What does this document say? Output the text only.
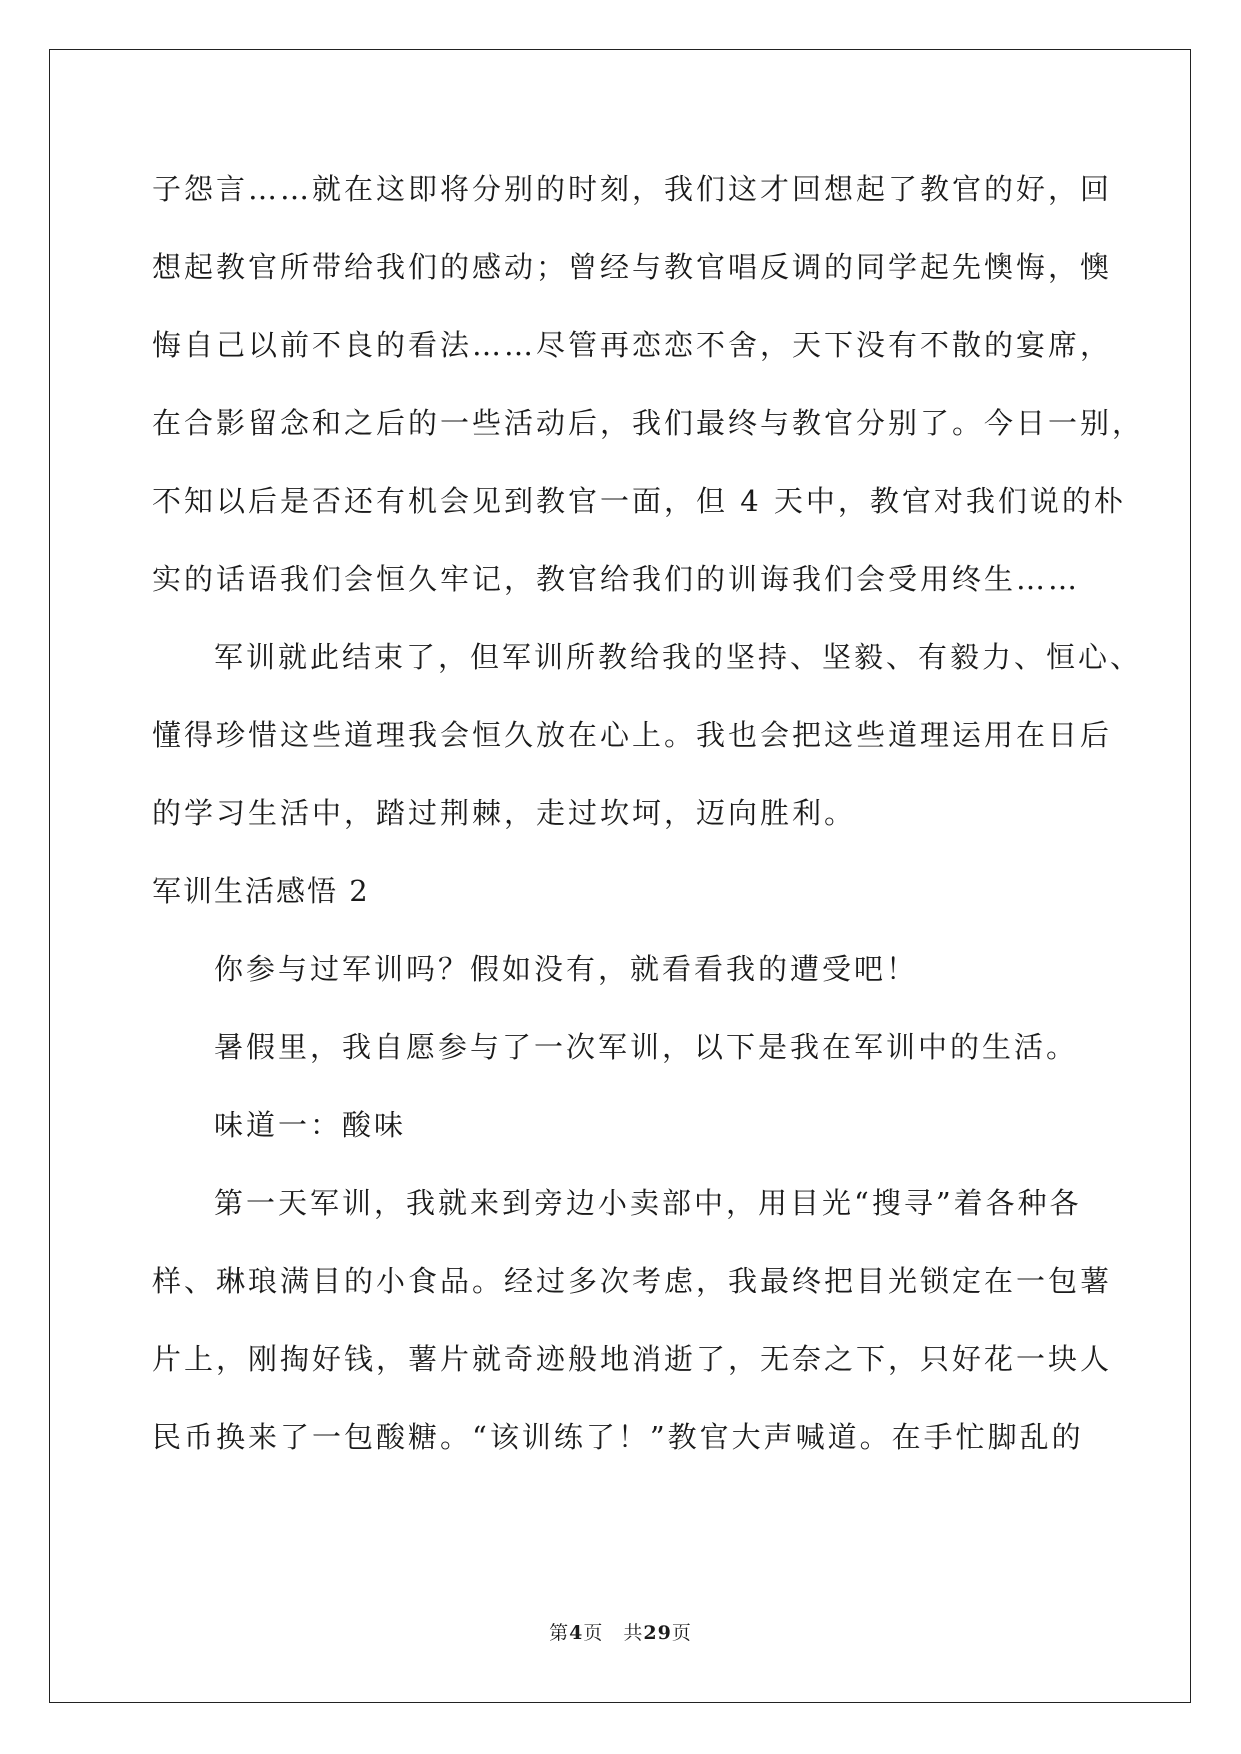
子怨言……就在这即将分别的时刻，我们这才回想起了教官的好，回
想起教官所带给我们的感动；曾经与教官唱反调的同学起先懊悔，懊
悔自己以前不良的看法……尽管再恋恋不舍，天下没有不散的宴席，
在合影留念和之后的一些活动后，我们最终与教官分别了。今日一别，
不知以后是否还有机会见到教官一面，但 4 天中，教官对我们说的朴
实的话语我们会恒久牢记，教官给我们的训诲我们会受用终生……
军训就此结束了，但军训所教给我的坚持、坚毅、有毅力、恒心、
懂得珍惜这些道理我会恒久放在心上。我也会把这些道理运用在日后
的学习生活中，踏过荆棘，走过坎坷，迈向胜利。
军训生活感悟 2
你参与过军训吗？假如没有，就看看我的遭受吧！
暑假里，我自愿参与了一次军训，以下是我在军训中的生活。
味道一：酸味
第一天军训，我就来到旁边小卖部中，用目光“搜寻”着各种各
样、琳琅满目的小食品。经过多次考虑，我最终把目光锁定在一包薯
片上，刚掏好钱，薯片就奇迹般地消逝了，无奈之下，只好花一块人
民币换来了一包酸糖。“该训练了！”教官大声喊道。在手忙脚乱的
第4页 共29页
